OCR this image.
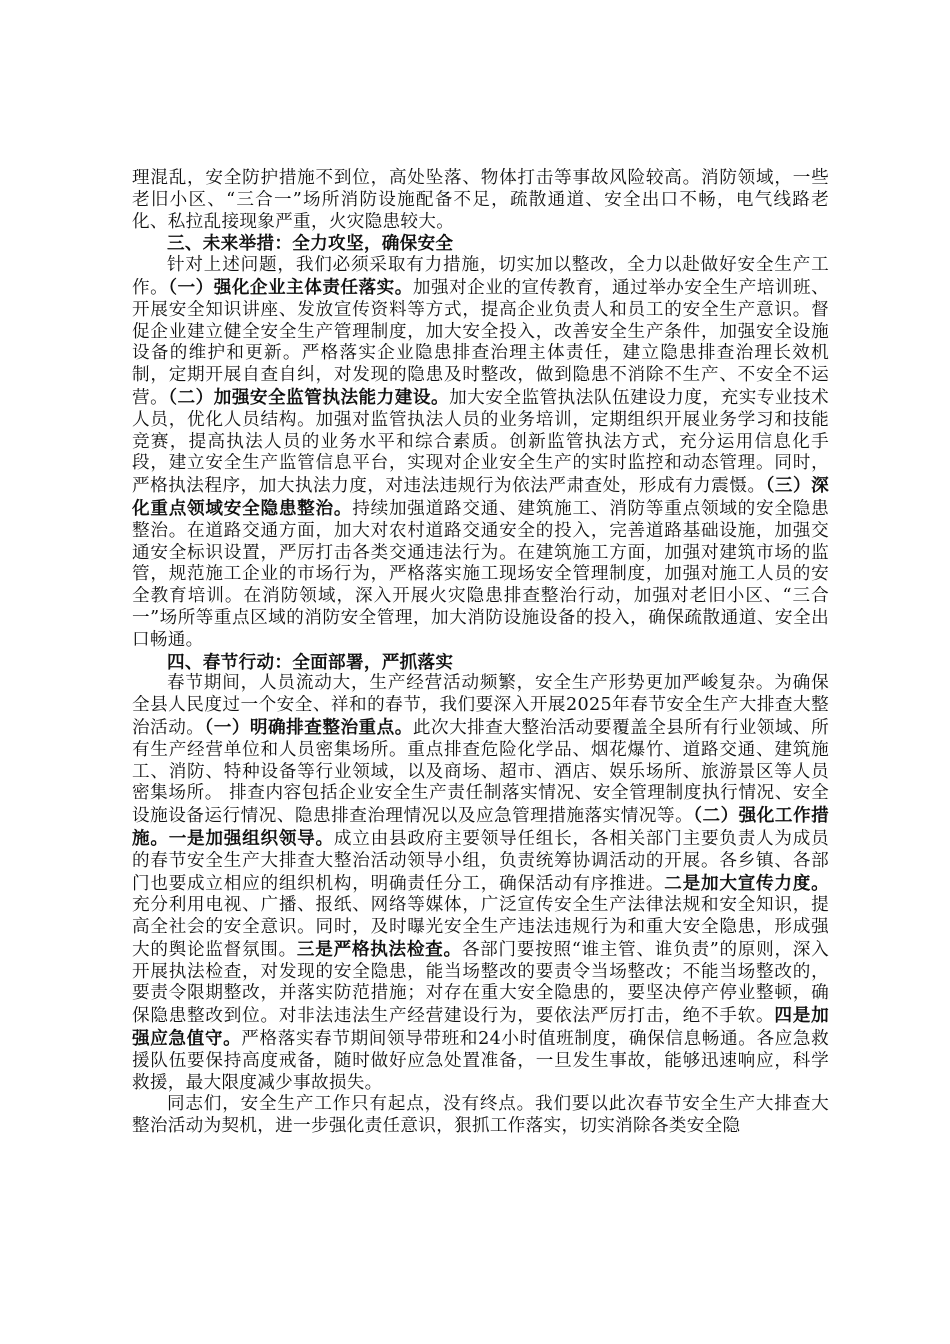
理混乱，安全防护措施不到位，高处坠落、物体打击等事故风险较高。消防领域，一些老旧小区、“三合一”场所消防设施配备不足，疏散通道、安全出口不畅，电气线路老化、私拉乱接现象严重，火灾隐患较大。

三、未来举措：全力攻坚，确保安全

针对上述问题，我们必须采取有力措施，切实加以整改，全力以赴做好安全生产工作。（一）强化企业主体责任落实。加强对企业的宣传教育，通过举办安全生产培训班、开展安全知识讲座、发放宣传资料等方式，提高企业负责人和员工的安全生产意识。督促企业建立健全安全生产管理制度，加大安全投入，改善安全生产条件，加强安全设施设备的维护和更新。严格落实企业隐患排查治理主体责任，建立隐患排查治理长效机制，定期开展自查自纠，对发现的隐患及时整改，做到隐患不消除不生产、不安全不运营。（二）加强安全监管执法能力建设。加大安全监管执法队伍建设力度，充实专业技术人员，优化人员结构。加强对监管执法人员的业务培训，定期组织开展业务学习和技能竞赛，提高执法人员的业务水平和综合素质。创新监管执法方式，充分运用信息化手段，建立安全生产监管信息平台，实现对企业安全生产的实时监控和动态管理。同时，严格执法程序，加大执法力度，对违法违规行为依法严肃查处，形成有力震慑。（三）深化重点领域安全隐患整治。持续加强道路交通、建筑施工、消防等重点领域的安全隐患整治。在道路交通方面，加大对农村道路交通安全的投入，完善道路基础设施，加强交通安全标识设置，严厉打击各类交通违法行为。在建筑施工方面，加强对建筑市场的监管，规范施工企业的市场行为，严格落实施工现场安全管理制度，加强对施工人员的安全教育培训。在消防领域，深入开展火灾隐患排查整治行动，加强对老旧小区、“三合一”场所等重点区域的消防安全管理，加大消防设施设备的投入，确保疏散通道、安全出口畅通。

四、春节行动：全面部署，严抓落实

春节期间，人员流动大，生产经营活动频繁，安全生产形势更加严峻复杂。为确保全县人民度过一个安全、祥和的春节，我们要深入开展2025年春节安全生产大排查大整治活动。（一）明确排查整治重点。此次大排查大整治活动要覆盖全县所有行业领域、所有生产经营单位和人员密集场所。重点排查危险化学品、烟花爆竹、道路交通、建筑施工、消防、特种设备等行业领域，以及商场、超市、酒店、娱乐场所、旅游景区等人员密集场所。 排查内容包括企业安全生产责任制落实情况、安全管理制度执行情况、安全设施设备运行情况、隐患排查治理情况以及应急管理措施落实情况等。（二）强化工作措施。一是加强组织领导。成立由县政府主要领导任组长，各相关部门主要负责人为成员的春节安全生产大排查大整治活动领导小组，负责统筹协调活动的开展。各乡镇、各部门也要成立相应的组织机构，明确责任分工，确保活动有序推进。二是加大宣传力度。充分利用电视、广播、报纸、网络等媒体，广泛宣传安全生产法律法规和安全知识，提高全社会的安全意识。同时，及时曝光安全生产违法违规行为和重大安全隐患，形成强大的舆论监督氛围。三是严格执法检查。各部门要按照“谁主管、谁负责”的原则，深入开展执法检查，对发现的安全隐患，能当场整改的要责令当场整改；不能当场整改的，要责令限期整改，并落实防范措施；对存在重大安全隐患的，要坚决停产停业整顿，确保隐患整改到位。对非法违法生产经营建设行为，要依法严厉打击，绝不手软。四是加强应急值守。严格落实春节期间领导带班和24小时值班制度，确保信息畅通。各应急救援队伍要保持高度戒备，随时做好应急处置准备，一旦发生事故，能够迅速响应，科学救援，最大限度减少事故损失。

同志们，安全生产工作只有起点，没有终点。我们要以此次春节安全生产大排查大整治活动为契机，进一步强化责任意识，狠抓工作落实，切实消除各类安全隐
